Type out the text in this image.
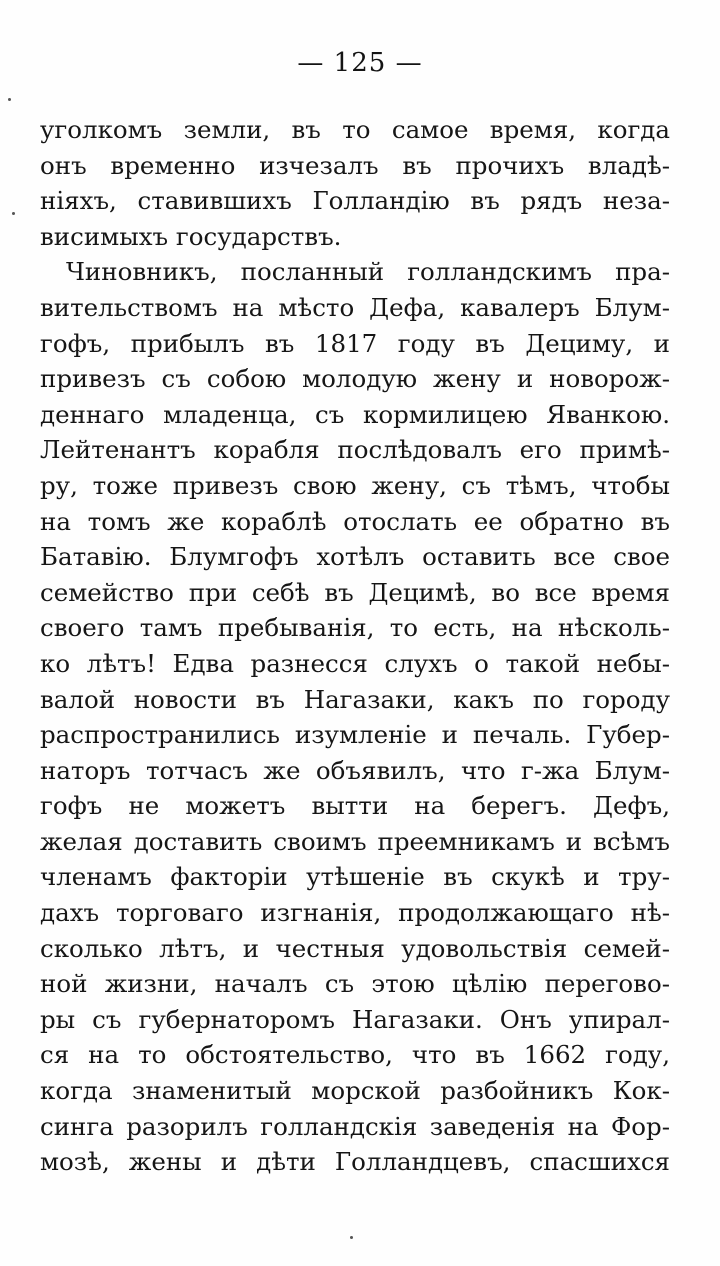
— 125 —
уголкомъ земли, въ то самое время, когда
онъ временно изчезалъ въ прочихъ владѣ-
ніяхъ, ставившихъ Голландію въ рядъ неза-
висимыхъ государствъ.
Чиновникъ, посланный голландскимъ пра-
вительствомъ на мѣсто Дефа, кавалеръ Блум-
гофъ, прибылъ въ 1817 году въ Дециму, и
привезъ съ собою молодую жену и новорож-
деннаго младенца, съ кормилицею Яванкою.
Лейтенантъ корабля послѣдовалъ его примѣ-
ру, тоже привезъ свою жену, съ тѣмъ, чтобы
на томъ же кораблѣ отослать ее обратно въ
Батавію. Блумгофъ хотѣлъ оставить все свое
семейство при себѣ въ Децимѣ, во все время
своего тамъ пребыванія, то есть, на нѣсколь-
ко лѣтъ! Едва разнесся слухъ о такой небы-
валой новости въ Нагазаки, какъ по городу
распространились изумленіе и печаль. Губер-
наторъ тотчасъ же объявилъ, что г-жа Блум-
гофъ не можетъ вытти на берегъ. Дефъ,
желая доставить своимъ преемникамъ и всѣмъ
членамъ факторіи утѣшеніе въ скукѣ и тру-
дахъ торговаго изгнанія, продолжающаго нѣ-
сколько лѣтъ, и честныя удовольствія семей-
ной жизни, началъ съ этою цѣлію перегово-
ры съ губернаторомъ Нагазаки. Онъ упирал-
ся на то обстоятельство, что въ 1662 году,
когда знаменитый морской разбойникъ Кок-
синга разорилъ голландскія заведенія на Фор-
мозѣ, жены и дѣти Голландцевъ, спасшихся
